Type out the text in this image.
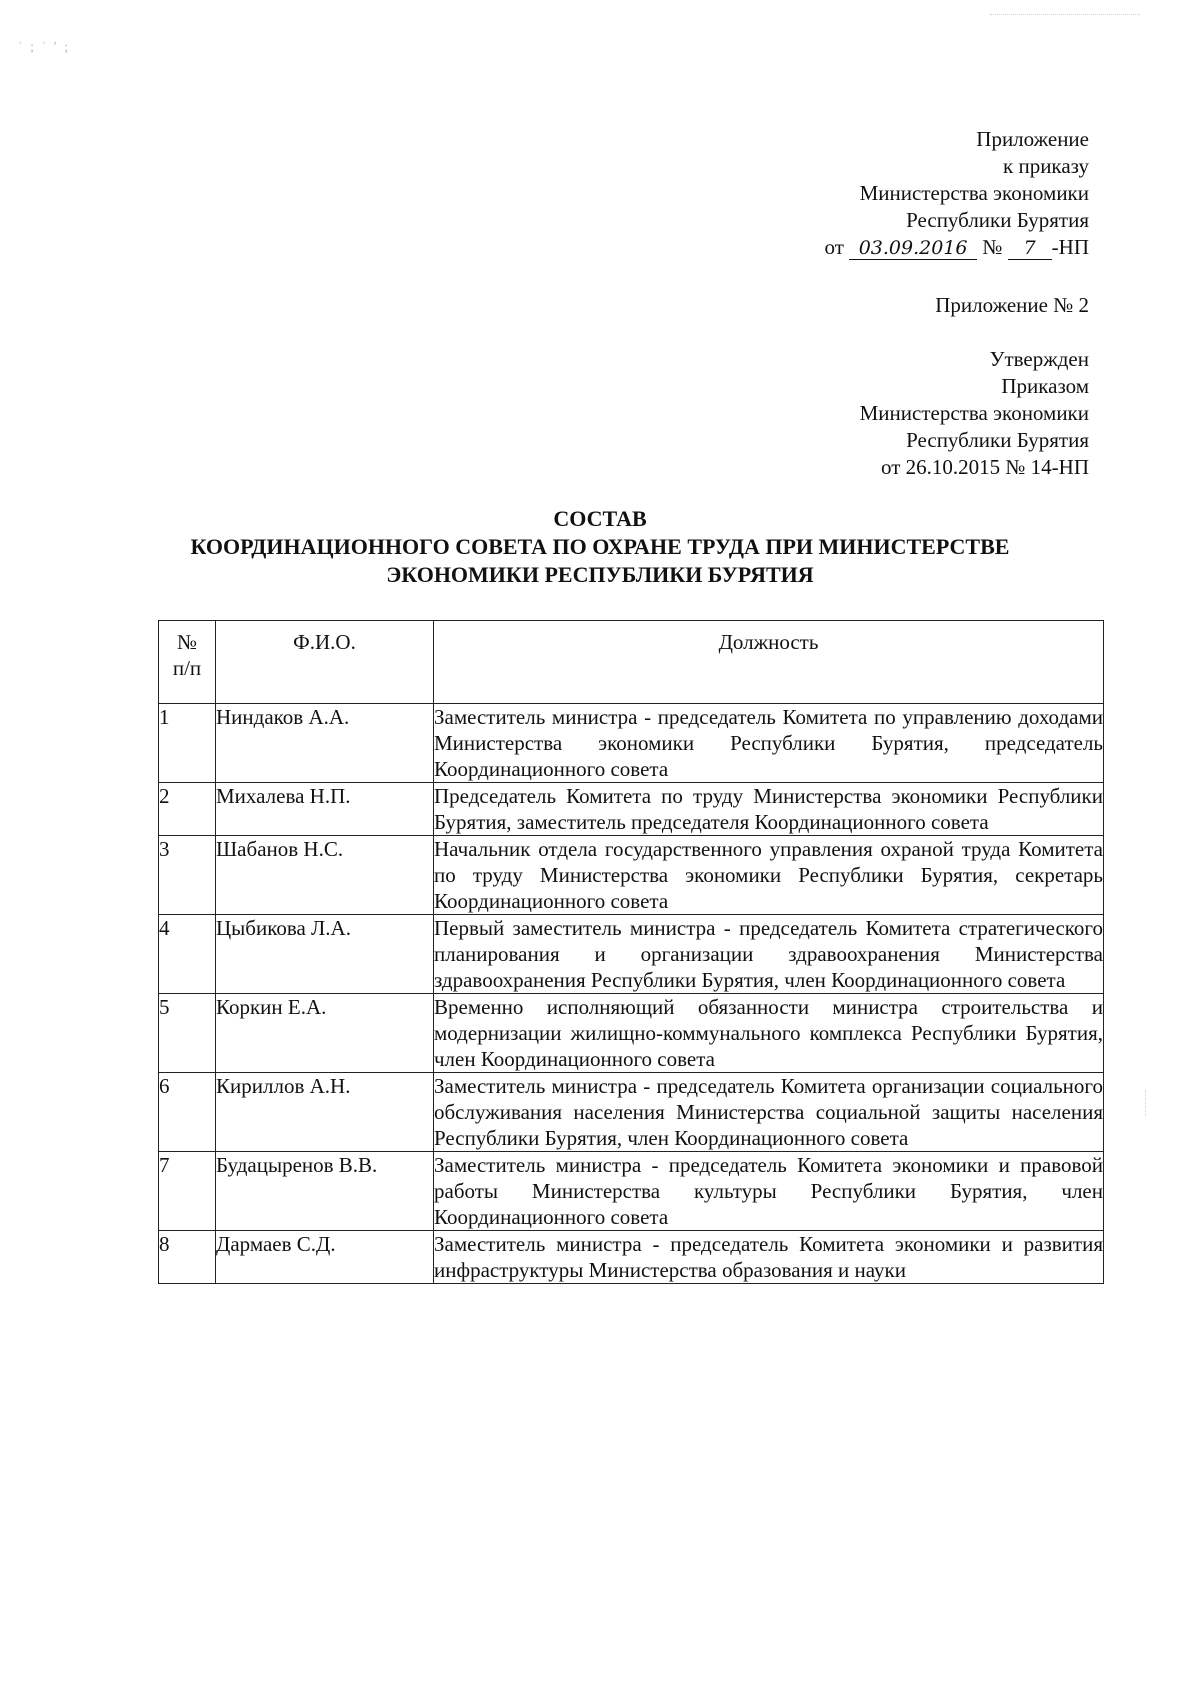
˙ ; ˙ ′ ;
Приложение
к приказу
Министерства экономики
Республики Бурятия
от 03.09.2016 № 7 -НП
Приложение № 2
Утвержден
Приказом
Министерства экономики
Республики Бурятия
от 26.10.2015 № 14-НП
СОСТАВ
КООРДИНАЦИОННОГО СОВЕТА ПО ОХРАНЕ ТРУДА ПРИ МИНИСТЕРСТВЕ
ЭКОНОМИКИ РЕСПУБЛИКИ БУРЯТИЯ
№
п/п	Ф.И.О.	Должность
1	Ниндаков А.А.	Заместитель министра - председатель Комитета по управлению доходами Министерства экономики Республики Бурятия, председатель Координационного совета
2	Михалева Н.П.	Председатель Комитета по труду Министерства экономики Республики Бурятия, заместитель председателя Координационного совета
3	Шабанов Н.С.	Начальник отдела государственного управления охраной труда Комитета по труду Министерства экономики Республики Бурятия, секретарь Координационного совета
4	Цыбикова Л.А.	Первый заместитель министра - председатель Комитета стратегического планирования и организации здравоохранения Министерства здравоохранения Республики Бурятия, член Координационного совета
5	Коркин Е.А.	Временно исполняющий обязанности министра строительства и модернизации жилищно-коммунального комплекса Республики Бурятия, член Координационного совета
6	Кириллов А.Н.	Заместитель министра - председатель Комитета организации социального обслуживания населения Министерства социальной защиты населения Республики Бурятия, член Координационного совета
7	Будацыренов В.В.	Заместитель министра - председатель Комитета экономики и правовой работы Министерства культуры Республики Бурятия, член Координационного совета
8	Дармаев С.Д.	Заместитель министра - председатель Комитета экономики и развития инфраструктуры Министерства образования и науки
